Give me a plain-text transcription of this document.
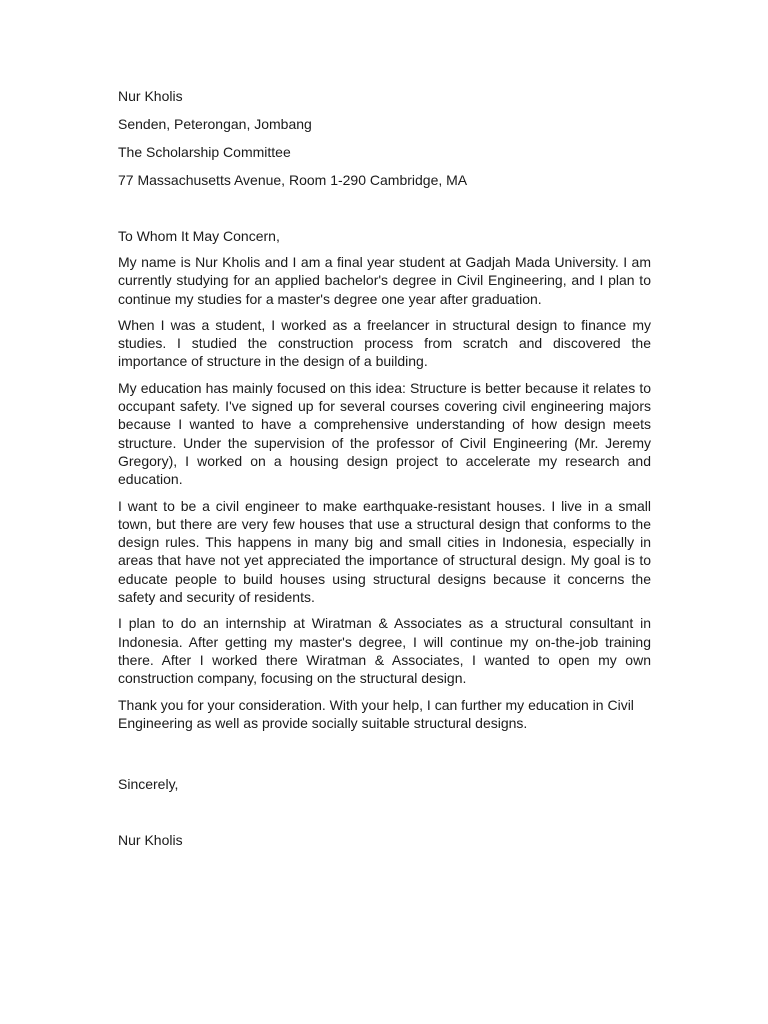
Nur Kholis

Senden, Peterongan, Jombang

The Scholarship Committee

77 Massachusetts Avenue, Room 1-290 Cambridge, MA

To Whom It May Concern,

My name is Nur Kholis and I am a final year student at Gadjah Mada University. I am currently studying for an applied bachelor's degree in Civil Engineering, and I plan to continue my studies for a master's degree one year after graduation.

When I was a student, I worked as a freelancer in structural design to finance my studies. I studied the construction process from scratch and discovered the importance of structure in the design of a building.

My education has mainly focused on this idea: Structure is better because it relates to occupant safety. I've signed up for several courses covering civil engineering majors because I wanted to have a comprehensive understanding of how design meets structure. Under the supervision of the professor of Civil Engineering (Mr. Jeremy Gregory), I worked on a housing design project to accelerate my research and education.

I want to be a civil engineer to make earthquake-resistant houses. I live in a small town, but there are very few houses that use a structural design that conforms to the design rules. This happens in many big and small cities in Indonesia, especially in areas that have not yet appreciated the importance of structural design. My goal is to educate people to build houses using structural designs because it concerns the safety and security of residents.

I plan to do an internship at Wiratman & Associates as a structural consultant in Indonesia. After getting my master's degree, I will continue my on-the-job training there. After I worked there Wiratman & Associates, I wanted to open my own construction company, focusing on the structural design.

Thank you for your consideration. With your help, I can further my education in Civil Engineering as well as provide socially suitable structural designs.

Sincerely,

Nur Kholis
